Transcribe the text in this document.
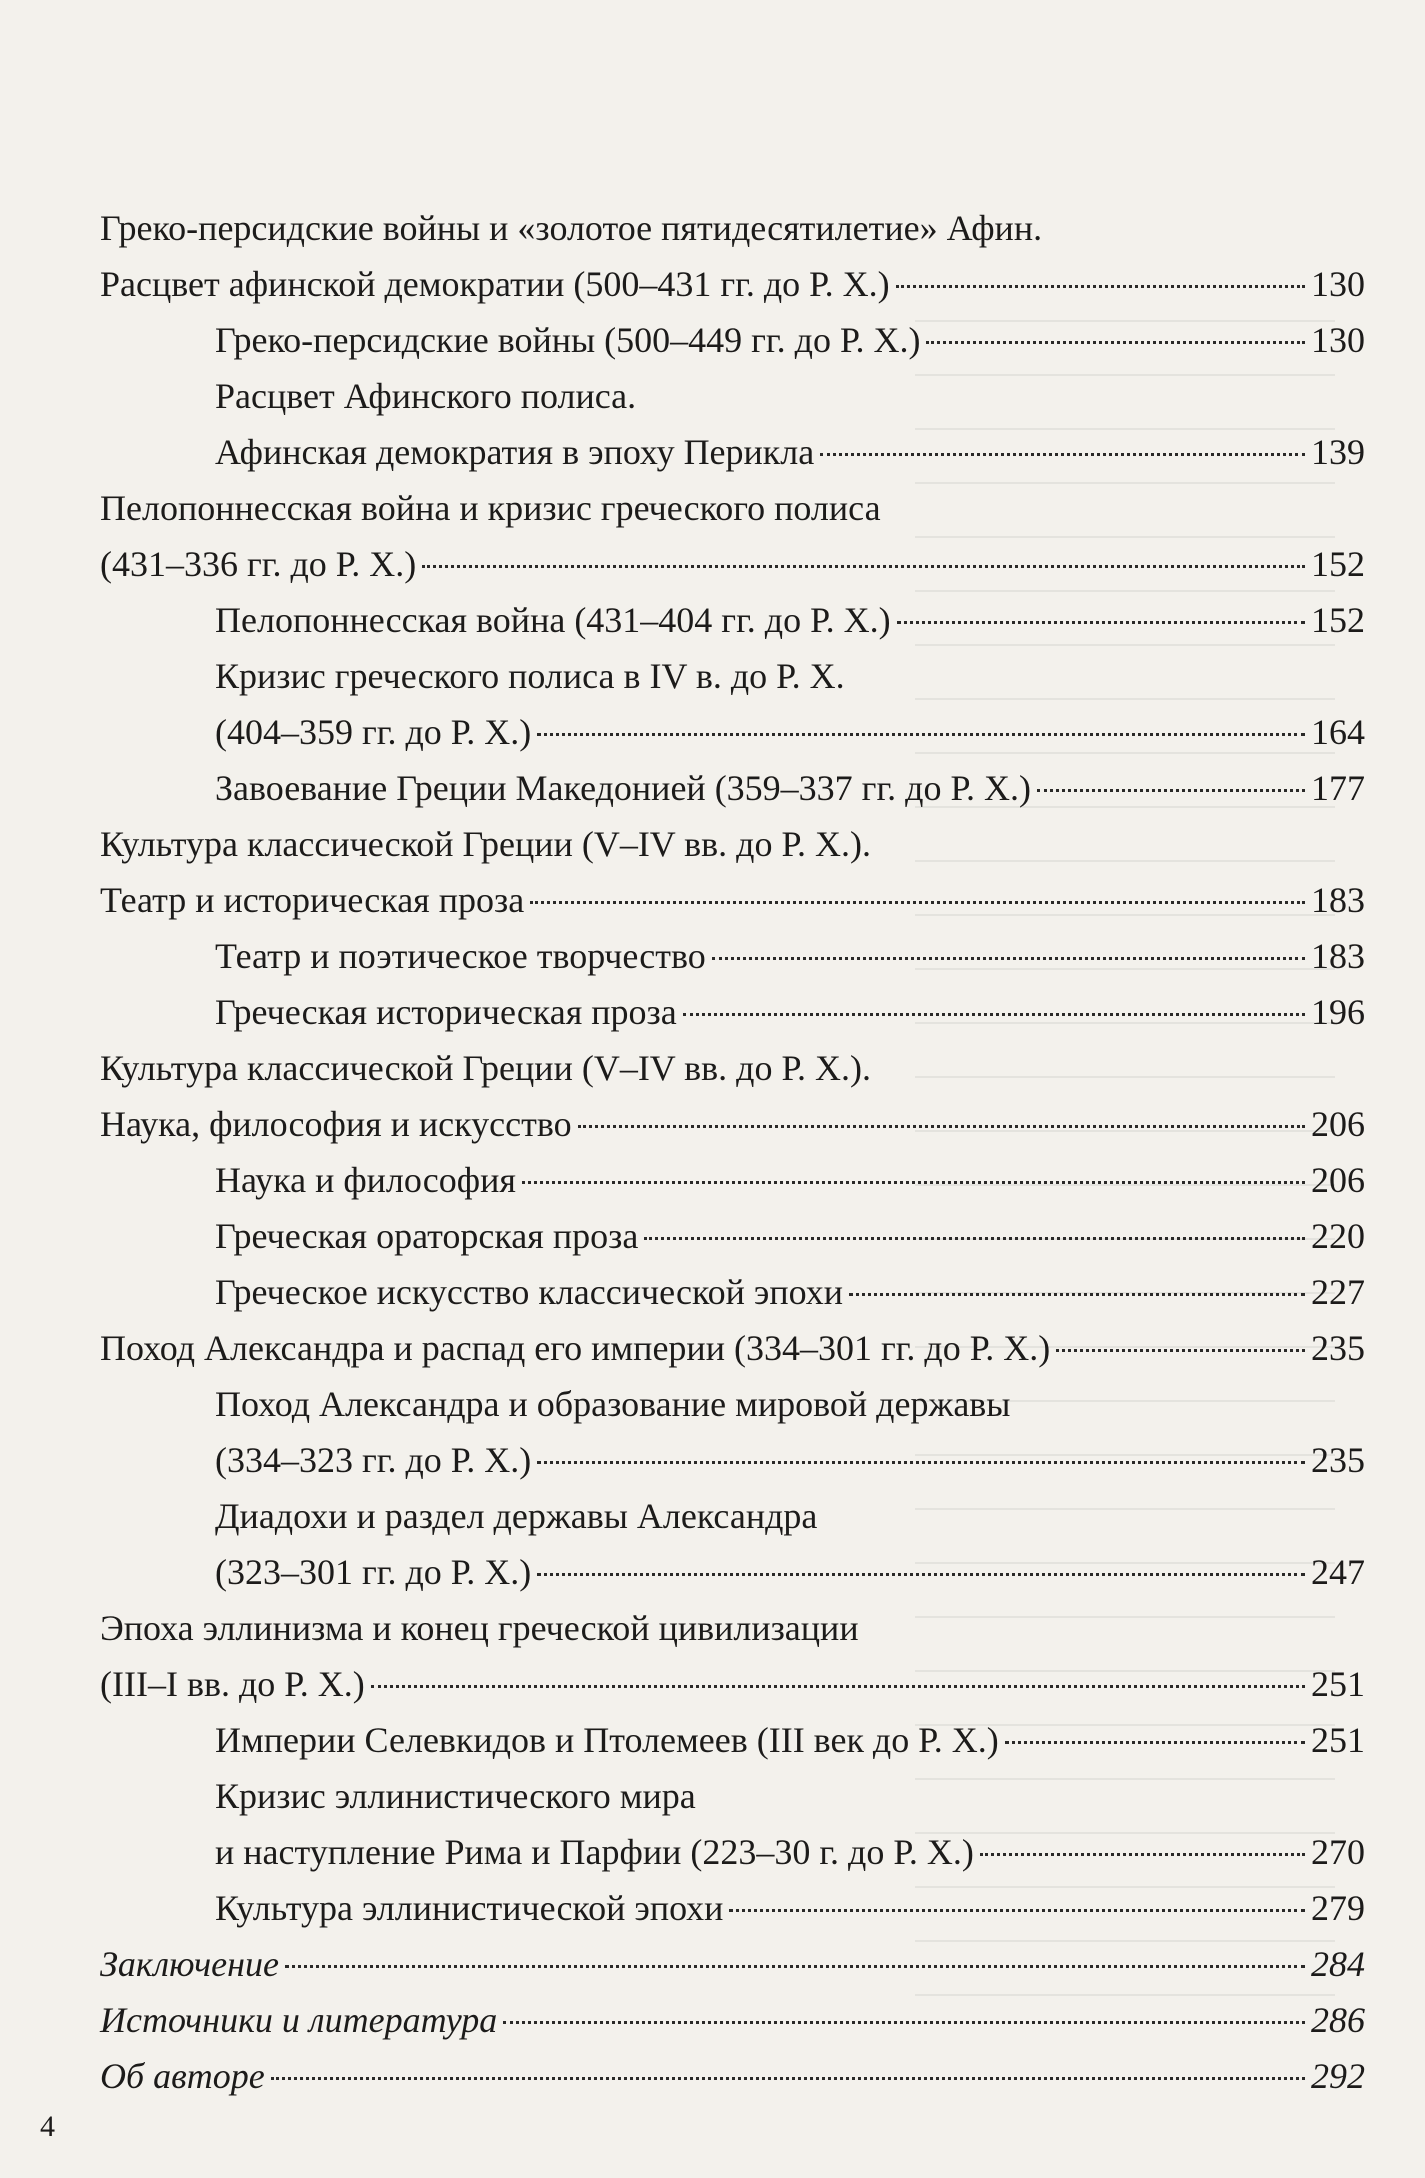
Греко-персидские войны и «золотое пятидесятилетие» Афин.
Расцвет афинской демократии (500–431 гг. до Р. Х.)	130
Греко-персидские войны (500–449 гг. до Р. Х.)	130
Расцвет Афинского полиса.
Афинская демократия в эпоху Перикла	139
Пелопоннесская война и кризис греческого полиса
(431–336 гг. до Р. Х.)	152
Пелопоннесская война (431–404 гг. до Р. Х.)	152
Кризис греческого полиса в IV в. до Р. Х.
(404–359 гг. до Р. Х.)	164
Завоевание Греции Македонией (359–337 гг. до Р. Х.)	177
Культура классической Греции (V–IV вв. до Р. Х.).
Театр и историческая проза	183
Театр и поэтическое творчество	183
Греческая историческая проза	196
Культура классической Греции (V–IV вв. до Р. Х.).
Наука, философия и искусство	206
Наука и философия	206
Греческая ораторская проза	220
Греческое искусство классической эпохи	227
Поход Александра и распад его империи (334–301 гг. до Р. Х.)	235
Поход Александра и образование мировой державы
(334–323 гг. до Р. Х.)	235
Диадохи и раздел державы Александра
(323–301 гг. до Р. Х.)	247
Эпоха эллинизма и конец греческой цивилизации
(III–I вв. до Р. Х.)	251
Империи Селевкидов и Птолемеев (III век до Р. Х.)	251
Кризис эллинистического мира
и наступление Рима и Парфии (223–30 г. до Р. Х.)	270
Культура эллинистической эпохи	279
Заключение	284
Источники и литература	286
Об авторе	292
4
